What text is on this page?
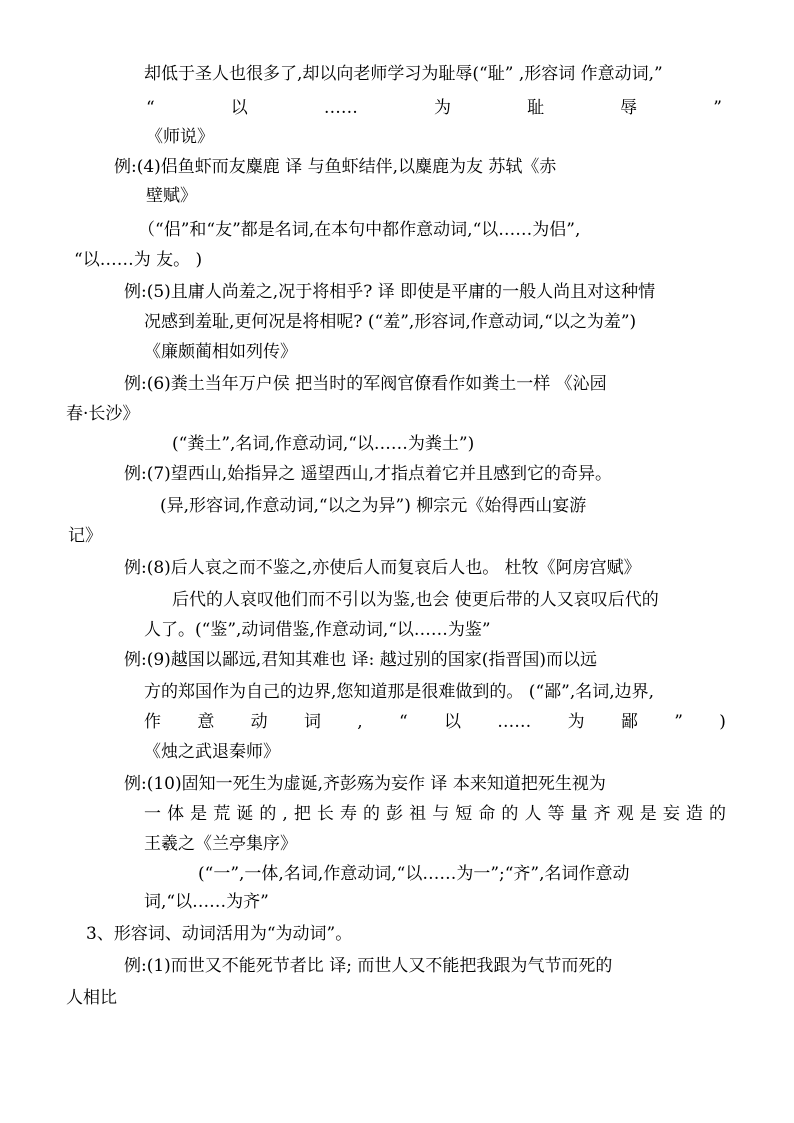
却低于圣人也很多了,却以向老师学习为耻辱(“耻” ,形容词 作意动词,”
“	以	……	为	耻	辱	”
《师说》
例:(4)侣鱼虾而友麋鹿 译 与鱼虾结伴,以麋鹿为友 苏轼《赤
壁赋》
（“侣”和“友”都是名词,在本句中都作意动词,“以……为侣”,
“以……为 友。 )
例:(5)且庸人尚羞之,况于将相乎? 译 即使是平庸的一般人尚且对这种情
况感到羞耻,更何况是将相呢? (“羞”,形容词,作意动词,“以之为羞”)
《廉颇蔺相如列传》
例:(6)粪土当年万户侯 把当时的军阀官僚看作如粪土一样 《沁园
春·长沙》
(“粪土”,名词,作意动词,“以……为粪土”)
例:(7)望西山,始指异之 遥望西山,才指点着它并且感到它的奇异。
(异,形容词,作意动词,“以之为异”) 柳宗元《始得西山宴游
记》
例:(8)后人哀之而不鉴之,亦使后人而复哀后人也。 杜牧《阿房宫赋》
后代的人哀叹他们而不引以为鉴,也会 使更后带的人又哀叹后代的
人了。(“鉴”,动词借鉴,作意动词,“以……为鉴”
例:(9)越国以鄙远,君知其难也 译: 越过别的国家(指晋国)而以远
方的郑国作为自己的边界,您知道那是很难做到的。 (“鄙”,名词,边界,
作 意 动 词 , “ 以 …… 为 鄙 ” )
《烛之武退秦师》
例:(10)固知一死生为虚诞,齐彭殇为妄作 译 本来知道把死生视为
一 体 是 荒 诞 的 , 把 长 寿 的 彭 祖 与 短 命 的 人 等 量 齐 观 是 妄 造 的
王羲之《兰亭集序》
(“一”,一体,名词,作意动词,“以……为一”;“齐”,名词作意动
词,“以……为齐”
3、形容词、动词活用为“为动词”。
例:(1)而世又不能死节者比 译; 而世人又不能把我跟为气节而死的
人相比
